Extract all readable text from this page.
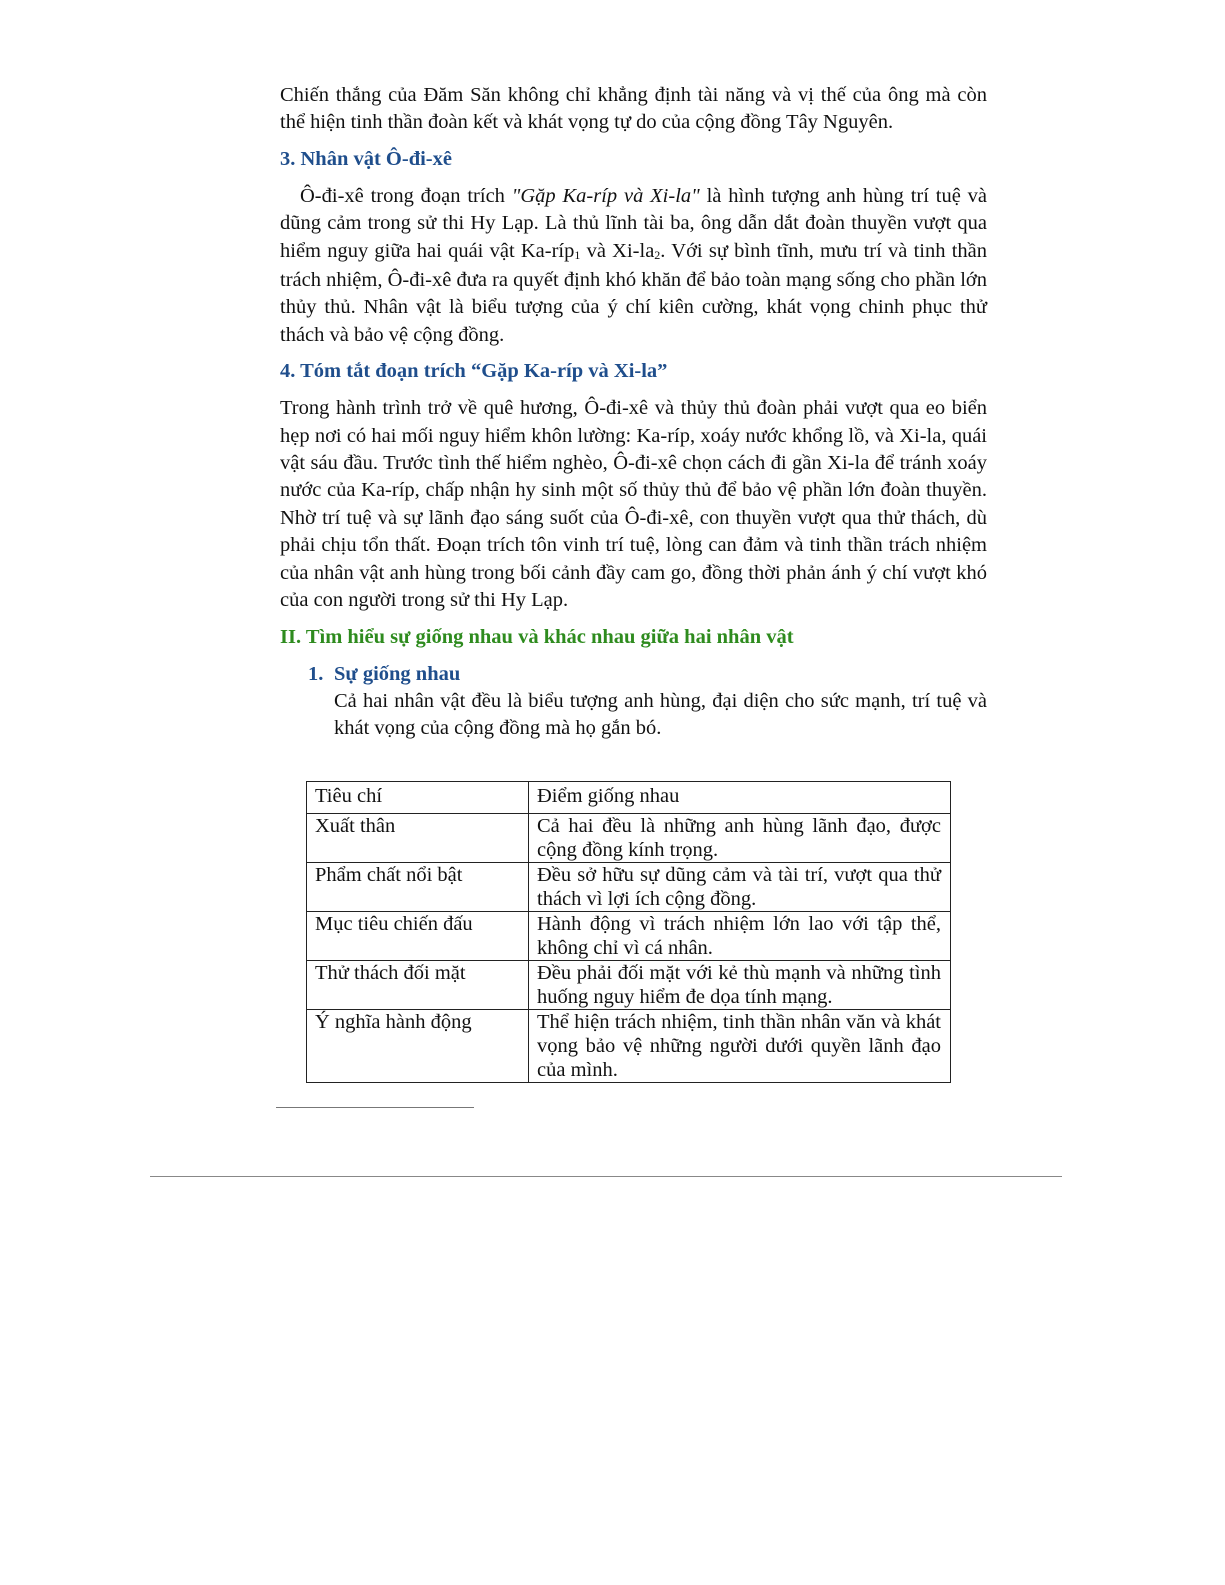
Chiến thắng của Đăm Săn không chỉ khẳng định tài năng và vị thế của ông mà còn thể hiện tinh thần đoàn kết và khát vọng tự do của cộng đồng Tây Nguyên.

3. Nhân vật Ô-đi-xê

Ô-đi-xê trong đoạn trích "Gặp Ka-ríp và Xi-la" là hình tượng anh hùng trí tuệ và dũng cảm trong sử thi Hy Lạp. Là thủ lĩnh tài ba, ông dẫn dắt đoàn thuyền vượt qua hiểm nguy giữa hai quái vật Ka-ríp$_1$ và $Xi-la_2$. Với sự bình tĩnh, mưu trí và tinh thần trách nhiệm, Ô-đi-xê đưa ra quyết định khó khăn để bảo toàn mạng sống cho phần lớn thủy thủ. Nhân vật là biểu tượng của ý chí kiên cường, khát vọng chinh phục thử thách và bảo vệ cộng đồng.

4. Tóm tắt đoạn trích “Gặp Ka-ríp và Xi-la”

Trong hành trình trở về quê hương, Ô-đi-xê và thủy thủ đoàn phải vượt qua eo biển hẹp nơi có hai mối nguy hiểm khôn lường: Ka-ríp, xoáy nước khổng lồ, và Xi-la, quái vật sáu đầu. Trước tình thế hiểm nghèo, Ô-đi-xê chọn cách đi gần Xi-la để tránh xoáy nước của Ka-ríp, chấp nhận hy sinh một số thủy thủ để bảo vệ phần lớn đoàn thuyền. Nhờ trí tuệ và sự lãnh đạo sáng suốt của Ô-đi-xê, con thuyền vượt qua thử thách, dù phải chịu tổn thất. Đoạn trích tôn vinh trí tuệ, lòng can đảm và tinh thần trách nhiệm của nhân vật anh hùng trong bối cảnh đầy cam go, đồng thời phản ánh ý chí vượt khó của con người trong sử thi Hy Lạp.

II. Tìm hiểu sự giống nhau và khác nhau giữa hai nhân vật
1. Sự giống nhau

Cả hai nhân vật đều là biểu tượng anh hùng, đại diện cho sức mạnh, trí tuệ và khát vọng của cộng đồng mà họ gắn bó.

Tiêu chí	Điểm giống nhau
Xuất thân	Cả hai đều là những anh hùng lãnh đạo, được cộng đồng kính trọng.
Phẩm chất nổi bật	Đều sở hữu sự dũng cảm và tài trí, vượt qua thử thách vì lợi ích cộng đồng.
Mục tiêu chiến đấu	Hành động vì trách nhiệm lớn lao với tập thể, không chỉ vì cá nhân.
Thử thách đối mặt	Đều phải đối mặt với kẻ thù mạnh và những tình huống nguy hiểm đe dọa tính mạng.
Ý nghĩa hành động	Thể hiện trách nhiệm, tinh thần nhân văn và khát vọng bảo vệ những người dưới quyền lãnh đạo của mình.
